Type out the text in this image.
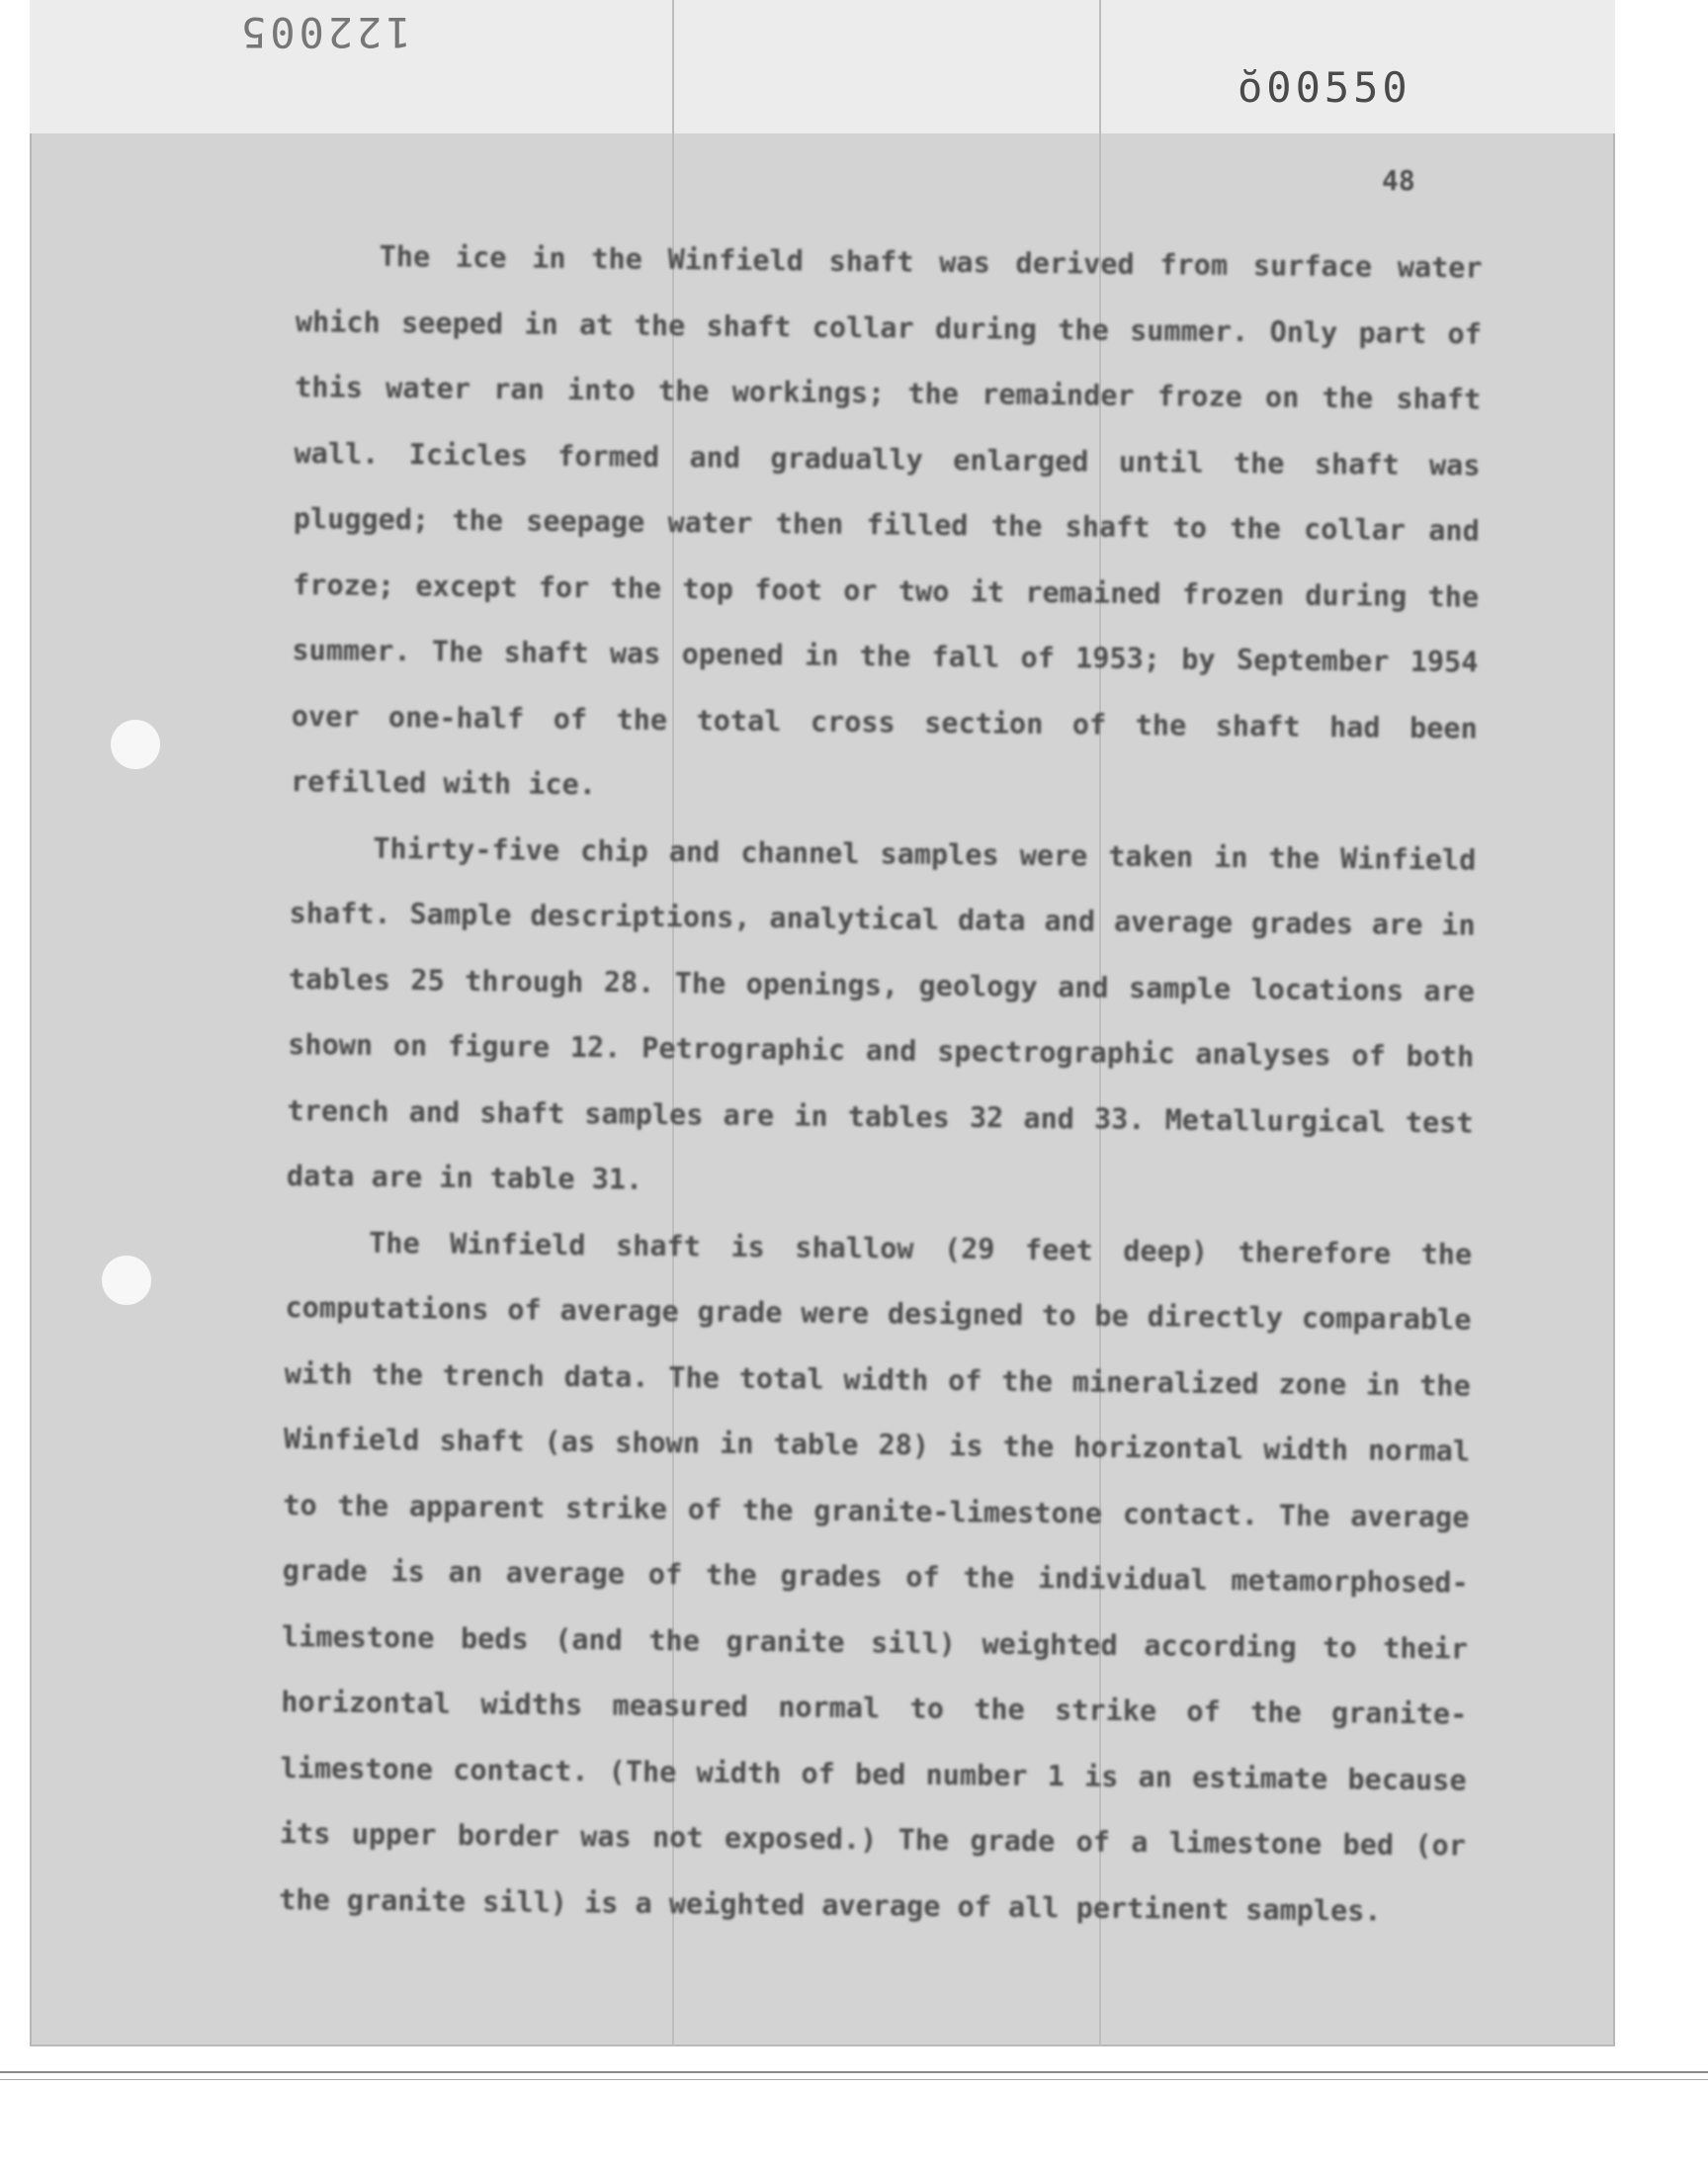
122005
ŏ00550
48

The ice in the Winfield shaft was derived from surface water which seeped in at the shaft collar during the summer. Only part of this water ran into the workings; the remainder froze on the shaft wall. Icicles formed and gradually enlarged until the shaft was plugged; the seepage water then filled the shaft to the collar and froze; except for the top foot or two it remained frozen during the summer. The shaft was opened in the fall of 1953; by September 1954 over one-half of the total cross section of the shaft had been refilled with ice.

Thirty-five chip and channel samples were taken in the Winfield shaft. Sample descriptions, analytical data and average grades are in tables 25 through 28. The openings, geology and sample locations are shown on figure 12. Petrographic and spectrographic analyses of both trench and shaft samples are in tables 32 and 33. Metallurgical test data are in table 31.

The Winfield shaft is shallow (29 feet deep) therefore the computations of average grade were designed to be directly comparable with the trench data. The total width of the mineralized zone in the Winfield shaft (as shown in table 28) is the horizontal width normal to the apparent strike of the granite-limestone contact. The average grade is an average of the grades of the individual metamorphosed-limestone beds (and the granite sill) weighted according to their horizontal widths measured normal to the strike of the granite-limestone contact. (The width of bed number 1 is an estimate because its upper border was not exposed.) The grade of a limestone bed (or the granite sill) is a weighted average of all pertinent samples.
